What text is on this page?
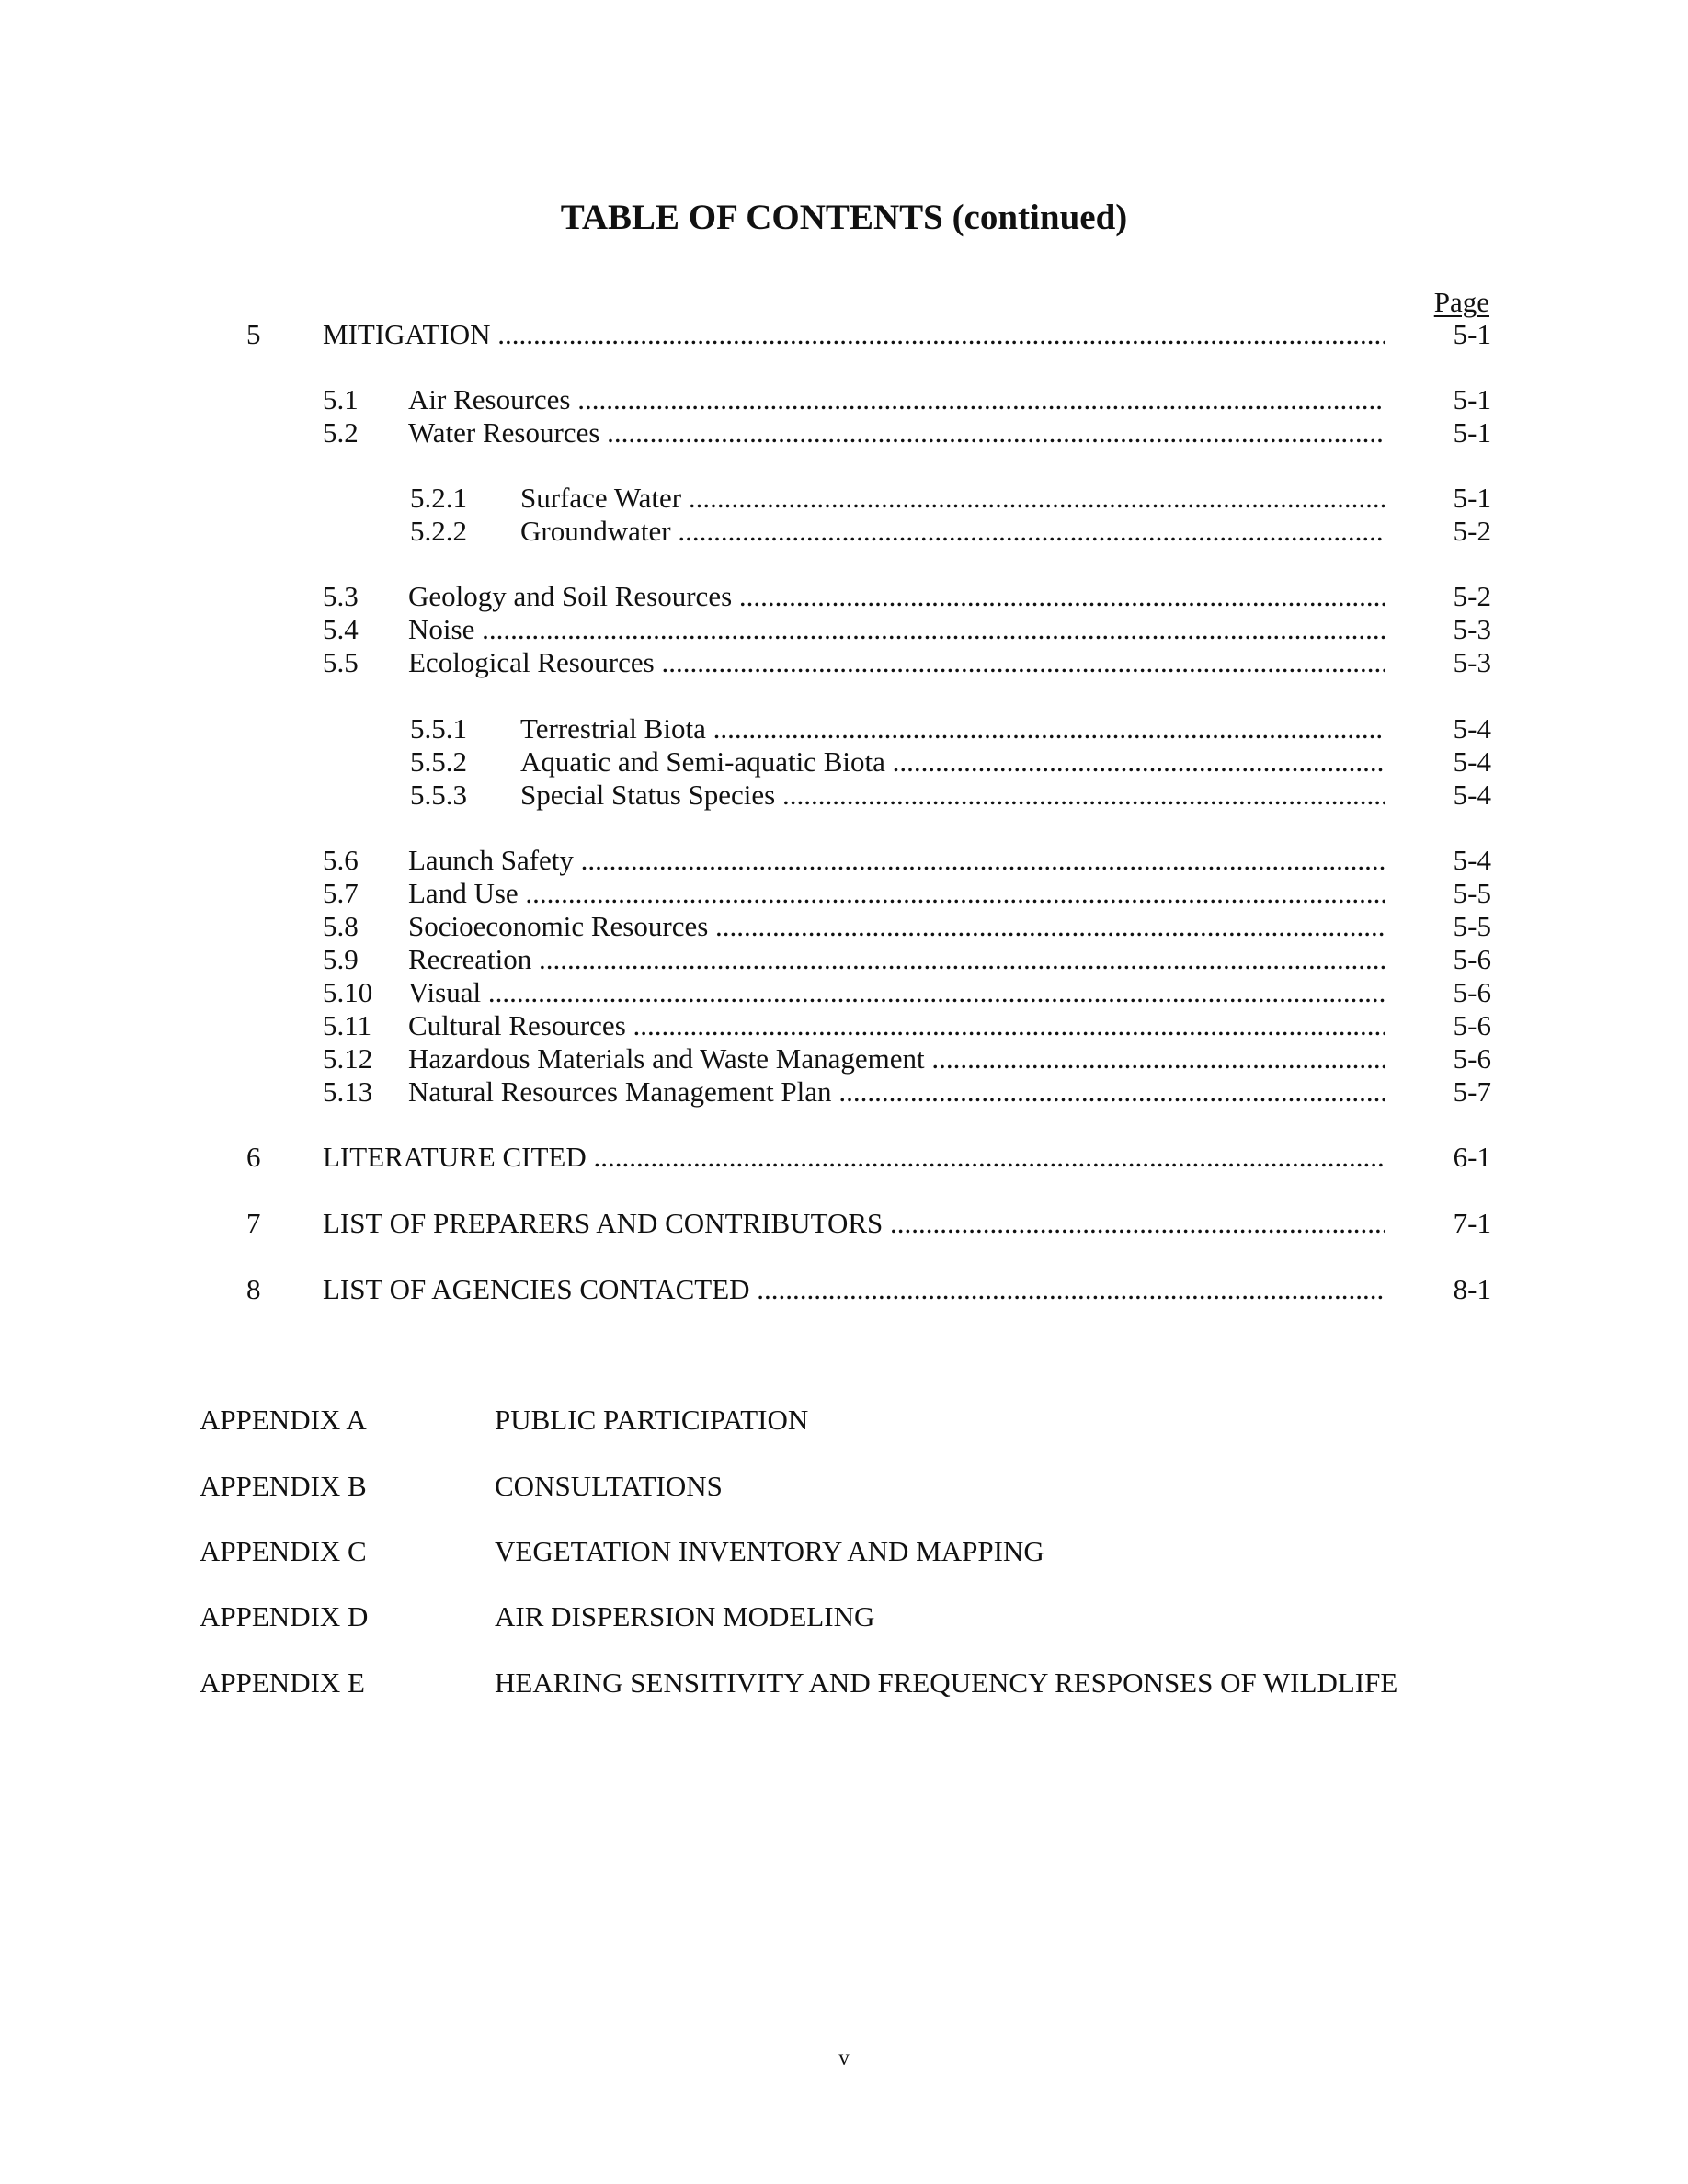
TABLE OF CONTENTS (continued)
Page
5 MITIGATION .....	5-1
5.1 Air Resources .....	5-1
5.2 Water Resources .....	5-1
5.2.1 Surface Water .....	5-1
5.2.2 Groundwater .....	5-2
5.3 Geology and Soil Resources .....	5-2
5.4 Noise .....	5-3
5.5 Ecological Resources .....	5-3
5.5.1 Terrestrial Biota .....	5-4
5.5.2 Aquatic and Semi-aquatic Biota .....	5-4
5.5.3 Special Status Species .....	5-4
5.6 Launch Safety .....	5-4
5.7 Land Use .....	5-5
5.8 Socioeconomic Resources .....	5-5
5.9 Recreation .....	5-6
5.10 Visual .....	5-6
5.11 Cultural Resources .....	5-6
5.12 Hazardous Materials and Waste Management .....	5-6
5.13 Natural Resources Management Plan .....	5-7
6 LITERATURE CITED .....	6-1
7 LIST OF PREPARERS AND CONTRIBUTORS .....	7-1
8 LIST OF AGENCIES CONTACTED .....	8-1
APPENDIX A	PUBLIC PARTICIPATION
APPENDIX B	CONSULTATIONS
APPENDIX C	VEGETATION INVENTORY AND MAPPING
APPENDIX D	AIR DISPERSION MODELING
APPENDIX E	HEARING SENSITIVITY AND FREQUENCY RESPONSES OF WILDLIFE
v
